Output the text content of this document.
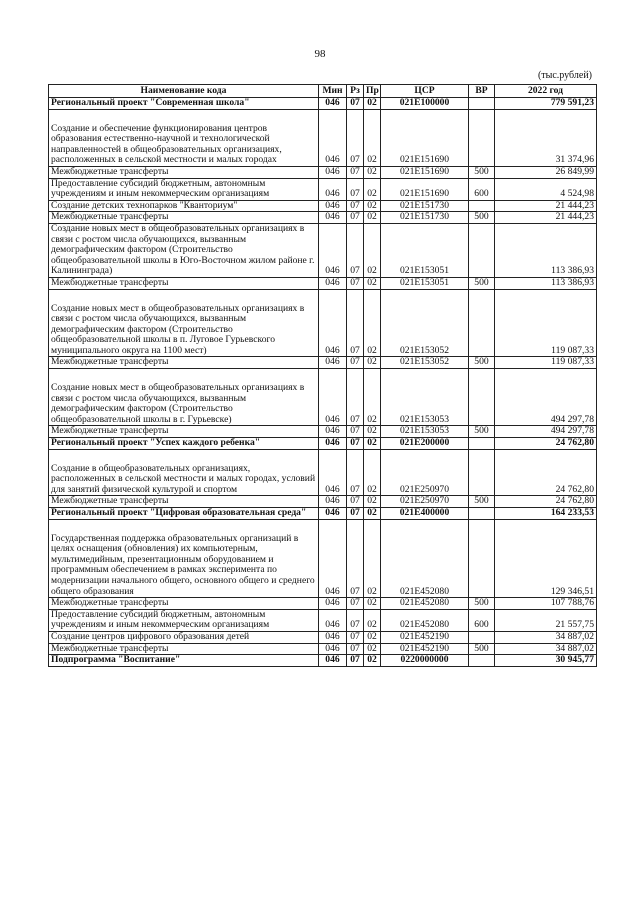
98
(тыс.рублей)
Наименование кода	Мин	Рз	Пр	ЦСР	ВР	2022 год
Региональный проект "Современная школа"	046	07	02	021E100000		779 591,23
Создание и обеспечение функционирования центров образования естественно-научной и технологической направленностей в общеобразовательных организациях, расположенных в сельской местности и малых городах	046	07	02	021E151690		31 374,96
Межбюджетные трансферты	046	07	02	021E151690	500	26 849,99
Предоставление субсидий бюджетным, автономным учреждениям и иным некоммерческим организациям	046	07	02	021E151690	600	4 524,98
Создание детских технопарков "Кванториум"	046	07	02	021E151730		21 444,23
Межбюджетные трансферты	046	07	02	021E151730	500	21 444,23
Создание новых мест в общеобразовательных организациях в связи с ростом числа обучающихся, вызванным демографическим фактором (Строительство общеобразовательной школы в Юго-Восточном жилом районе г. Калининграда)	046	07	02	021E153051		113 386,93
Межбюджетные трансферты	046	07	02	021E153051	500	113 386,93
Создание новых мест в общеобразовательных организациях в связи с ростом числа обучающихся, вызванным демографическим фактором (Строительство общеобразовательной школы в п. Луговое Гурьевского муниципального округа на 1100 мест)	046	07	02	021E153052		119 087,33
Межбюджетные трансферты	046	07	02	021E153052	500	119 087,33
Создание новых мест в общеобразовательных организациях в связи с ростом числа обучающихся, вызванным демографическим фактором (Строительство общеобразовательной школы в г. Гурьевске)	046	07	02	021E153053		494 297,78
Межбюджетные трансферты	046	07	02	021E153053	500	494 297,78
Региональный проект "Успех каждого ребенка"	046	07	02	021E200000		24 762,80
Создание в общеобразовательных организациях, расположенных в сельской местности и малых городах, условий для занятий физической культурой и спортом	046	07	02	021E250970		24 762,80
Межбюджетные трансферты	046	07	02	021E250970	500	24 762,80
Региональный проект "Цифровая образовательная среда"	046	07	02	021E400000		164 233,53
Государственная поддержка образовательных организаций в целях оснащения (обновления) их компьютерным, мультимедийным, презентационным оборудованием и программным обеспечением в рамках эксперимента по модернизации начального общего, основного общего и среднего общего образования	046	07	02	021E452080		129 346,51
Межбюджетные трансферты	046	07	02	021E452080	500	107 788,76
Предоставление субсидий бюджетным, автономным учреждениям и иным некоммерческим организациям	046	07	02	021E452080	600	21 557,75
Создание центров цифрового образования детей	046	07	02	021E452190		34 887,02
Межбюджетные трансферты	046	07	02	021E452190	500	34 887,02
Подпрограмма "Воспитание"	046	07	02	0220000000		30 945,77
